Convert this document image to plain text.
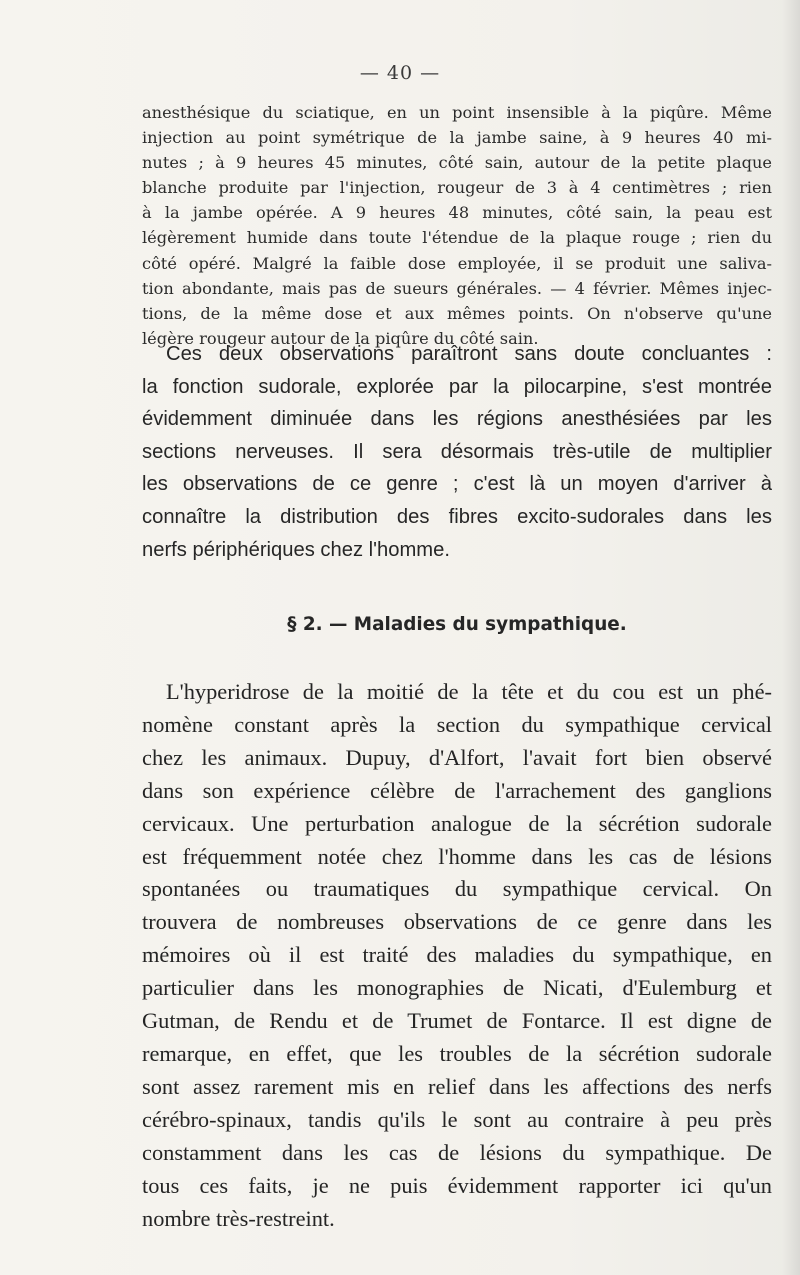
— 40 —
anesthésique du sciatique, en un point insensible à la piqûre. Même
injection au point symétrique de la jambe saine, à 9 heures 40 mi-
nutes ; à 9 heures 45 minutes, côté sain, autour de la petite plaque
blanche produite par l'injection, rougeur de 3 à 4 centimètres ; rien
à la jambe opérée. A 9 heures 48 minutes, côté sain, la peau est
légèrement humide dans toute l'étendue de la plaque rouge ; rien du
côté opéré. Malgré la faible dose employée, il se produit une saliva-
tion abondante, mais pas de sueurs générales. — 4 février. Mêmes injec-
tions, de la même dose et aux mêmes points. On n'observe qu'une
légère rougeur autour de la piqûre du côté sain.
Ces deux observations paraîtront sans doute concluantes :
la fonction sudorale, explorée par la pilocarpine, s'est montrée
évidemment diminuée dans les régions anesthésiées par les
sections nerveuses. Il sera désormais très-utile de multiplier
les observations de ce genre ; c'est là un moyen d'arriver à
connaître la distribution des fibres excito-sudorales dans les
nerfs périphériques chez l'homme.
§ 2. — Maladies du sympathique.
L'hyperidrose de la moitié de la tête et du cou est un phé-
nomène constant après la section du sympathique cervical
chez les animaux. Dupuy, d'Alfort, l'avait fort bien observé
dans son expérience célèbre de l'arrachement des ganglions
cervicaux. Une perturbation analogue de la sécrétion sudorale
est fréquemment notée chez l'homme dans les cas de lésions
spontanées ou traumatiques du sympathique cervical. On
trouvera de nombreuses observations de ce genre dans les
mémoires où il est traité des maladies du sympathique, en
particulier dans les monographies de Nicati, d'Eulemburg et
Gutman, de Rendu et de Trumet de Fontarce. Il est digne de
remarque, en effet, que les troubles de la sécrétion sudorale
sont assez rarement mis en relief dans les affections des nerfs
cérébro-spinaux, tandis qu'ils le sont au contraire à peu près
constamment dans les cas de lésions du sympathique. De
tous ces faits, je ne puis évidemment rapporter ici qu'un
nombre très-restreint.
